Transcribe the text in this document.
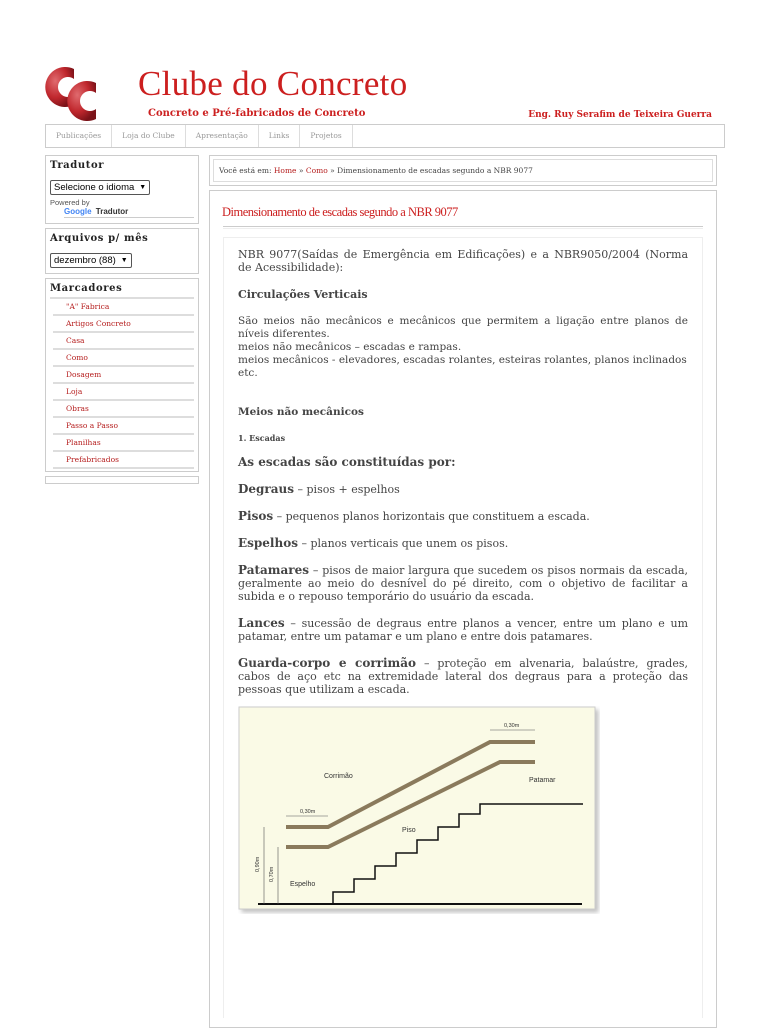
Clube do Concreto
Concreto e Pré-fabricados de Concreto	Eng. Ruy Serafim de Teixeira Guerra
Publicações	Loja do Clube	Apresentação	Links	Projetos
Tradutor
Selecione o idioma ▼
Powered by
Google Tradutor
Arquivos p/ mês
dezembro (88) ▼
Marcadores
"A" Fabrica
Artigos Concreto
Casa
Como
Dosagem
Loja
Obras
Passo a Passo
Planilhas
Prefabricados
Você está em: Home » Como » Dimensionamento de escadas segundo a NBR 9077
Dimensionamento de escadas segundo a NBR 9077

NBR 9077(Saídas de Emergência em Edificações) e a NBR9050/2004 (Norma de Acessibilidade):

Circulações Verticais

São meios não mecânicos e mecânicos que permitem a ligação entre planos de níveis diferentes.

meios não mecânicos – escadas e rampas.

meios mecânicos - elevadores, escadas rolantes, esteiras rolantes, planos inclinados etc.

Meios não mecânicos

1. Escadas

As escadas são constituídas por:

Degraus – pisos + espelhos

Pisos – pequenos planos horizontais que constituem a escada.

Espelhos – planos verticais que unem os pisos.

Patamares – pisos de maior largura que sucedem os pisos normais da escada, geralmente ao meio do desnível do pé direito, com o objetivo de facilitar a subida e o repouso temporário do usuário da escada.

Lances – sucessão de degraus entre planos a vencer, entre um plano e um patamar, entre um patamar e um plano e entre dois patamares.

Guarda-corpo e corrimão – proteção em alvenaria, balaústre, grades, cabos de aço etc na extremidade lateral dos degraus para a proteção das pessoas que utilizam a escada.

0,30m
0,30m
0,90m
0,70m
Corrimão
Patamar
Piso
Espelho
